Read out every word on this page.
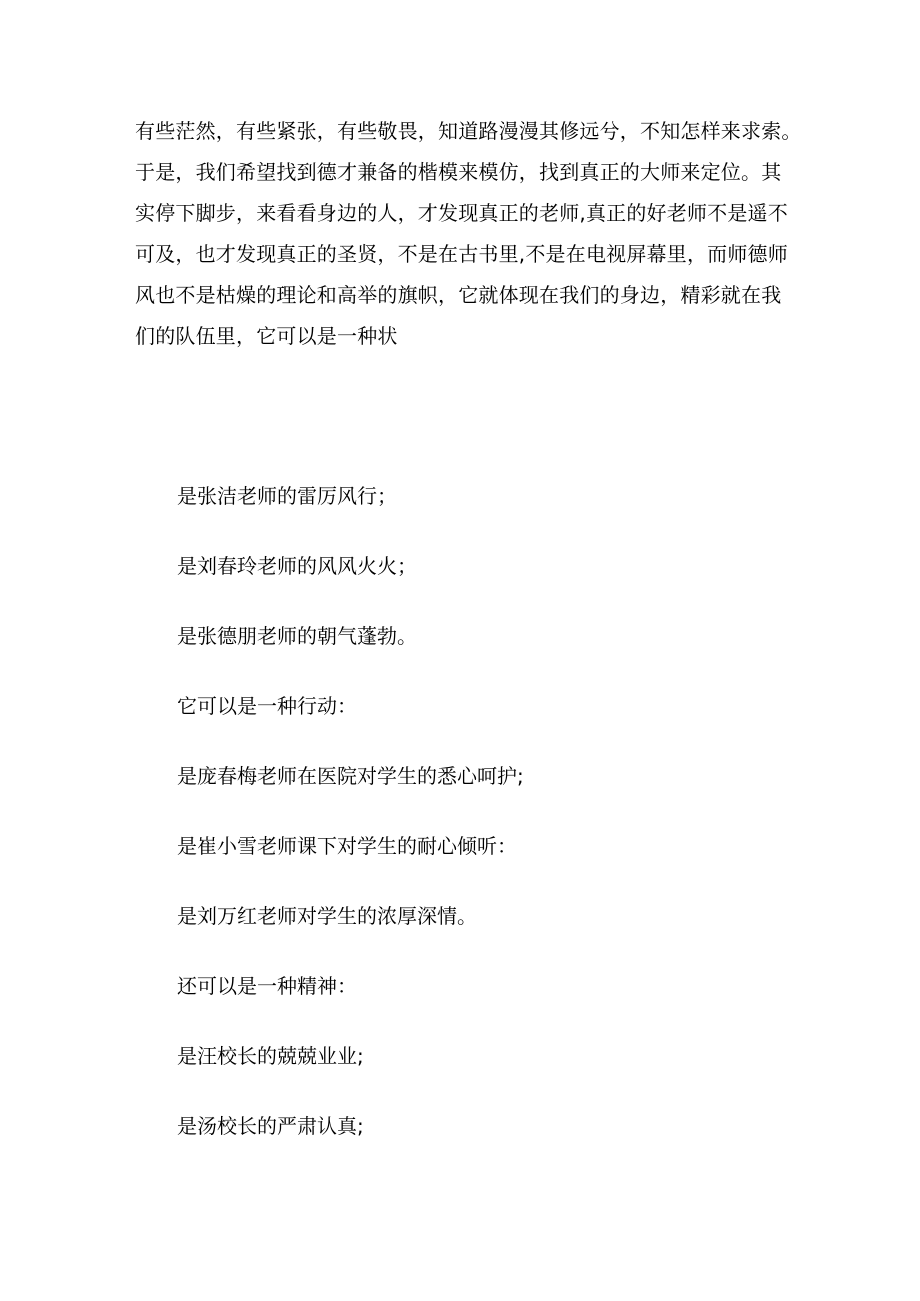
有些茫然，有些紧张，有些敬畏，知道路漫漫其修远兮，不知怎样来求索。

于是，我们希望找到德才兼备的楷模来模仿，找到真正的大师来定位。其

实停下脚步，来看看身边的人，才发现真正的老师,真正的好老师不是遥不

可及，也才发现真正的圣贤，不是在古书里,不是在电视屏幕里，而师德师

风也不是枯燥的理论和高举的旗帜，它就体现在我们的身边，精彩就在我

们的队伍里，它可以是一种状

是张洁老师的雷厉风行；

是刘春玲老师的风风火火；

是张德朋老师的朝气蓬勃。

它可以是一种行动：

是庞春梅老师在医院对学生的悉心呵护;

是崔小雪老师课下对学生的耐心倾听：

是刘万红老师对学生的浓厚深情。

还可以是一种精神：

是汪校长的兢兢业业;

是汤校长的严肃认真;
